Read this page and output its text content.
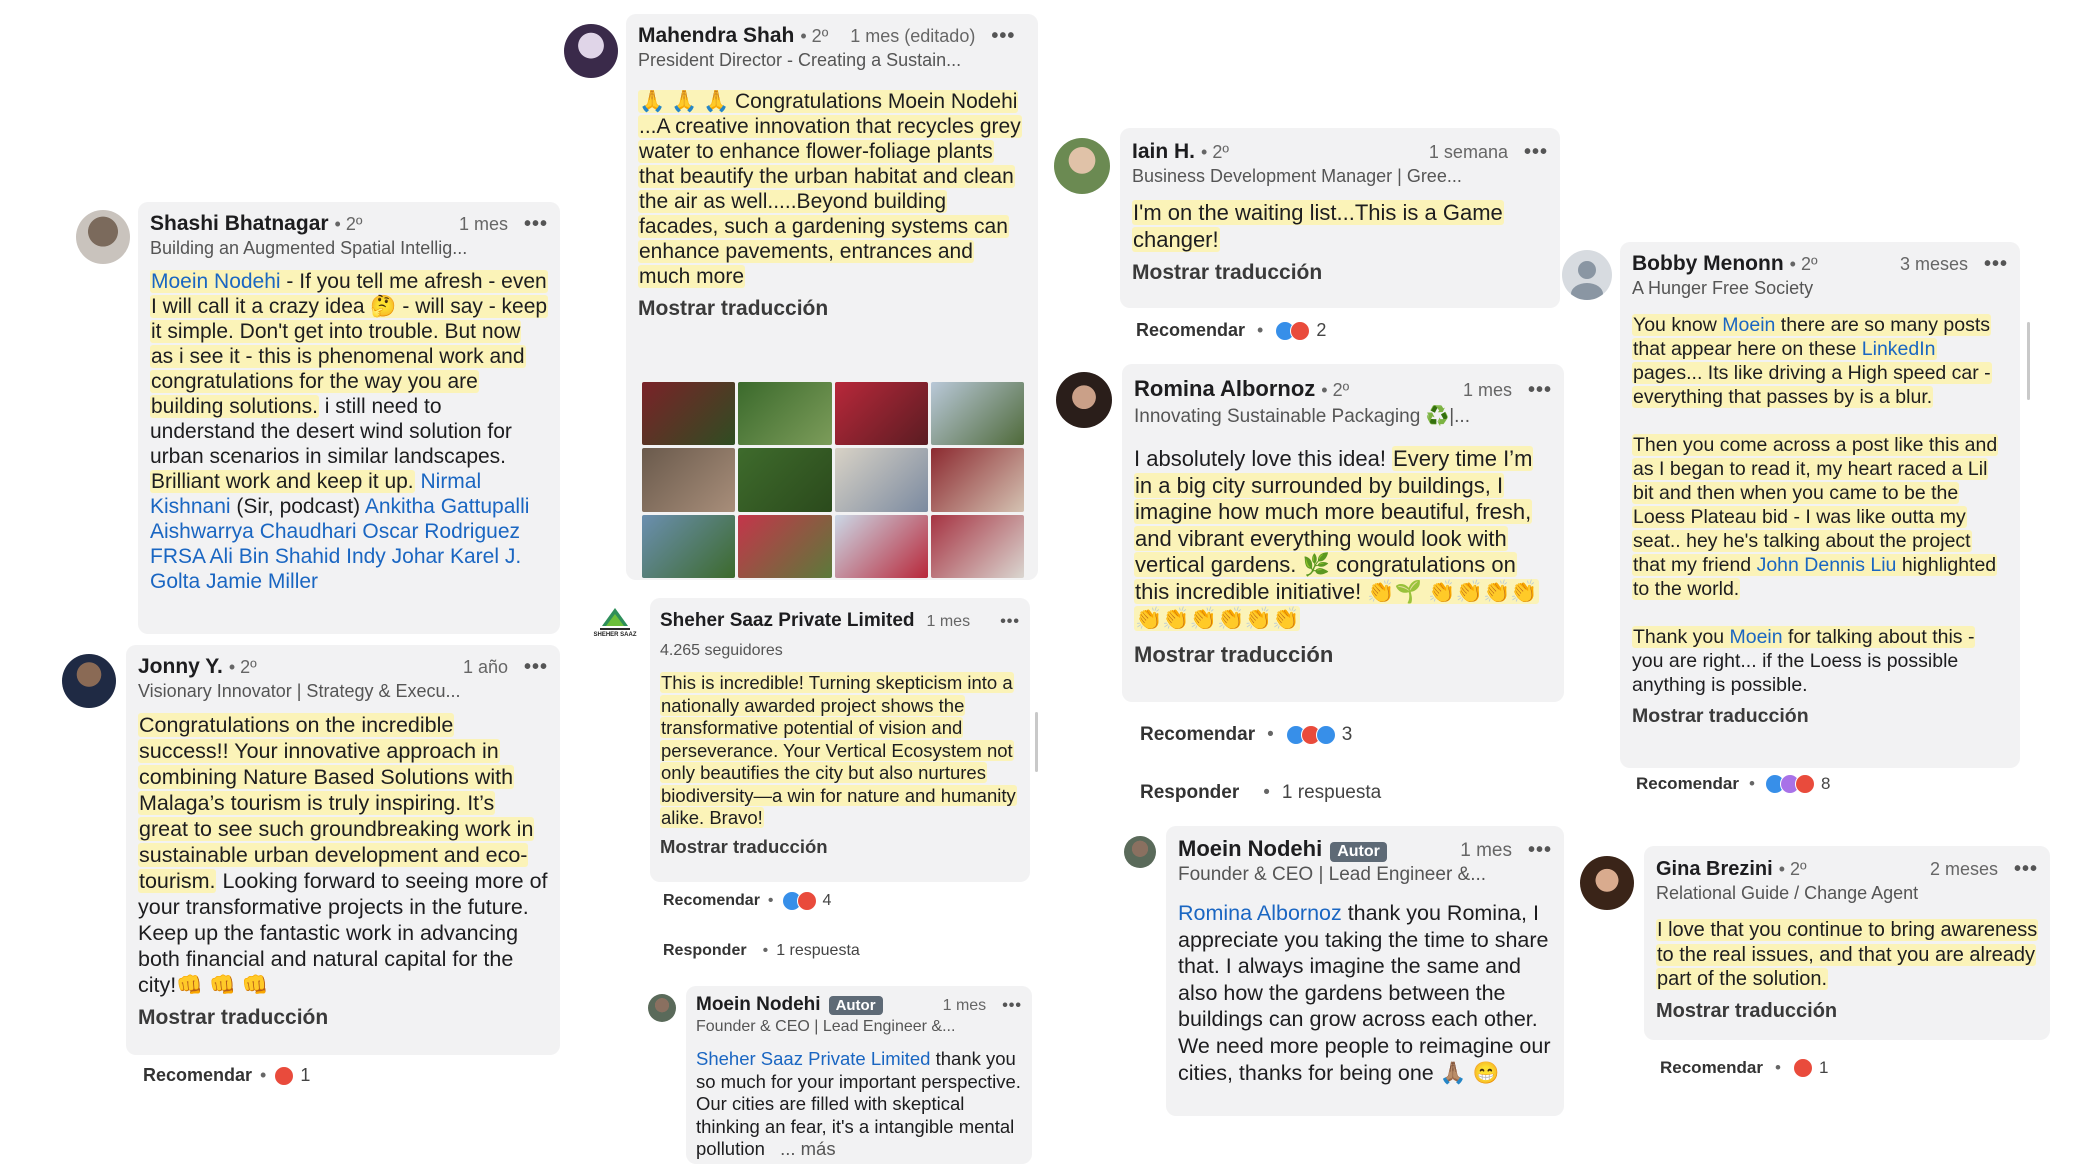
Shashi Bhatnagar • 2º	1 mes •••
Building an Augmented Spatial Intellig...
Moein Nodehi - If you tell me afresh - even I will call it a crazy idea 🤔 - will say - keep it simple. Don't get into trouble. But now as i see it - this is phenomenal work and congratulations for the way you are building solutions. i still need to understand the desert wind solution for urban scenarios in similar landscapes. Brilliant work and keep it up. Nirmal Kishnani (Sir, podcast) Ankitha Gattupalli Aishwarrya Chaudhari Oscar Rodriguez FRSA Ali Bin Shahid Indy Johar Karel J. Golta Jamie Miller
Jonny Y. • 2º	1 año •••
Visionary Innovator | Strategy & Execu...
Congratulations on the incredible success!! Your innovative approach in combining Nature Based Solutions with Malaga’s tourism is truly inspiring. It’s great to see such groundbreaking work in sustainable urban development and eco-tourism. Looking forward to seeing more of your transformative projects in the future. Keep up the fantastic work in advancing both financial and natural capital for the city!👊 👊 👊
Mostrar traducción
Recomendar • 1
Mahendra Shah • 2º 1 mes (editado) •••
President Director - Creating a Sustain...
🙏 🙏 🙏 Congratulations Moein Nodehi
...A creative innovation that recycles grey water to enhance flower-foliage plants that beautify the urban habitat and clean the air as well.....Beyond building facades, such a gardening systems can enhance pavements, entrances and much more
Mostrar traducción
SHEHER SAAZ
Sheher Saaz Private Limited 1 mes •••
4.265 seguidores
This is incredible! Turning skepticism into a nationally awarded project shows the transformative potential of vision and perseverance. Your Vertical Ecosystem not only beautifies the city but also nurtures biodiversity—a win for nature and humanity alike. Bravo!
Mostrar traducción
Recomendar •	4
Responder • 1 respuesta
Moein Nodehi	Autor	1 mes •••
Founder & CEO | Lead Engineer &...
Sheher Saaz Private Limited thank you so much for your important perspective. Our cities are filled with skeptical thinking an fear, it's a intangible mental pollution ... más
Iain H. • 2º	1 semana •••
Business Development Manager | Gree...
I'm on the waiting list...This is a Game changer!
Mostrar traducción
Recomendar •	2
Romina Albornoz • 2º	1 mes •••
Innovating Sustainable Packaging ♻️|...
I absolutely love this idea! Every time I’m in a big city surrounded by buildings, I imagine how much more beautiful, fresh, and vibrant everything would look with vertical gardens. 🌿 congratulations on this incredible initiative! 👏🌱 👏👏👏👏👏👏👏👏👏👏
Mostrar traducción
Recomendar •	3
Responder • 1 respuesta
Moein Nodehi Autor	1 mes •••
Founder & CEO | Lead Engineer &...
Romina Albornoz thank you Romina, I appreciate you taking the time to share that. I always imagine the same and also how the gardens between the buildings can grow across each other. We need more people to reimagine our cities, thanks for being one 🙏🏽 😁
Bobby Menonn • 2º	3 meses •••
A Hunger Free Society
You know Moein there are so many posts that appear here on these LinkedIn pages... Its like driving a High speed car - everything that passes by is a blur.
Then you come across a post like this and as I began to read it, my heart raced a Lil bit and then when you came to be the Loess Plateau bid - I was like outta my seat.. hey he's talking about the project that my friend John Dennis Liu highlighted to the world.
Thank you Moein for talking about this - you are right... if the Loess is possible anything is possible.
Mostrar traducción
Recomendar •	8
Gina Brezini • 2º	2 meses •••
Relational Guide / Change Agent
I love that you continue to bring awareness to the real issues, and that you are already part of the solution.
Mostrar traducción
Recomendar • 1
